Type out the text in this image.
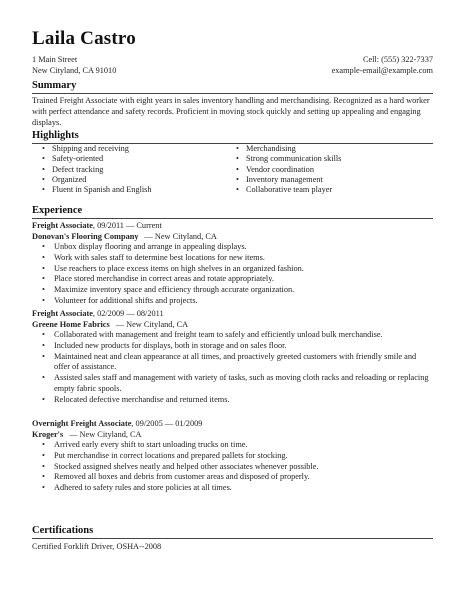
Laila Castro
1 Main Street
New Cityland, CA 91010
Cell: (555) 322-7337
example-email@example.com
Summary
Trained Freight Associate with eight years in sales inventory handling and merchandising. Recognized as a hard worker with perfect attendance and safety records. Proficient in moving stock quickly and setting up appealing and engaging displays.
Highlights
• Shipping and receiving
• Safety-oriented
• Defect tracking
• Organized
• Fluent in Spanish and English
• Merchandising
• Strong communication skills
• Vendor coordination
• Inventory management
• Collaborative team player
Experience
Freight Associate, 09/2011 — Current
Donovan's Flooring Company — New Cityland, CA
• Unbox display flooring and arrange in appealing displays.
• Work with sales staff to determine best locations for new items.
• Use reachers to place excess items on high shelves in an organized fashion.
• Place stored merchandise in correct areas and rotate appropriately.
• Maximize inventory space and efficiency through accurate organization.
• Volunteer for additional shifts and projects.
Freight Associate, 02/2009 — 08/2011
Greene Home Fabrics — New Cityland, CA
• Collaborated with management and freight team to safely and efficiently unload bulk merchandise.
• Included new products for displays, both in storage and on sales floor.
• Maintained neat and clean appearance at all times, and proactively greeted customers with friendly smile and offer of assistance.
• Assisted sales staff and management with variety of tasks, such as moving cloth racks and reloading or replacing empty fabric spools.
• Relocated defective merchandise and returned items.
Overnight Freight Associate, 09/2005 — 01/2009
Kroger's — New Cityland, CA
• Arrived early every shift to start unloading trucks on time.
• Put merchandise in correct locations and prepared pallets for stocking.
• Stocked assigned shelves neatly and helped other associates whenever possible.
• Removed all boxes and debris from customer areas and disposed of properly.
• Adhered to safety rules and store policies at all times.
Certifications
Certified Forklift Driver, OSHA--2008
